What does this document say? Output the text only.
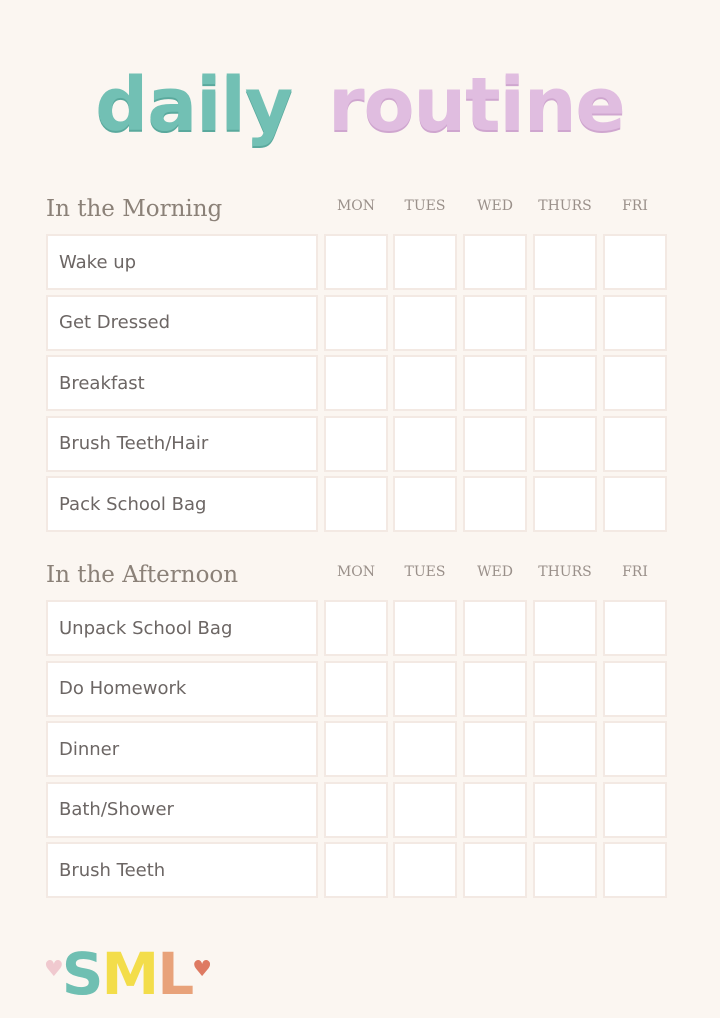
daily routine
In the Morning	MON	TUES	WED	THURS	FRI
Wake up
Get Dressed
Breakfast
Brush Teeth/Hair
Pack School Bag
In the Afternoon	MON	TUES	WED	THURS	FRI
Unpack School Bag
Do Homework
Dinner
Bath/Shower
Brush Teeth
♥SML♥
